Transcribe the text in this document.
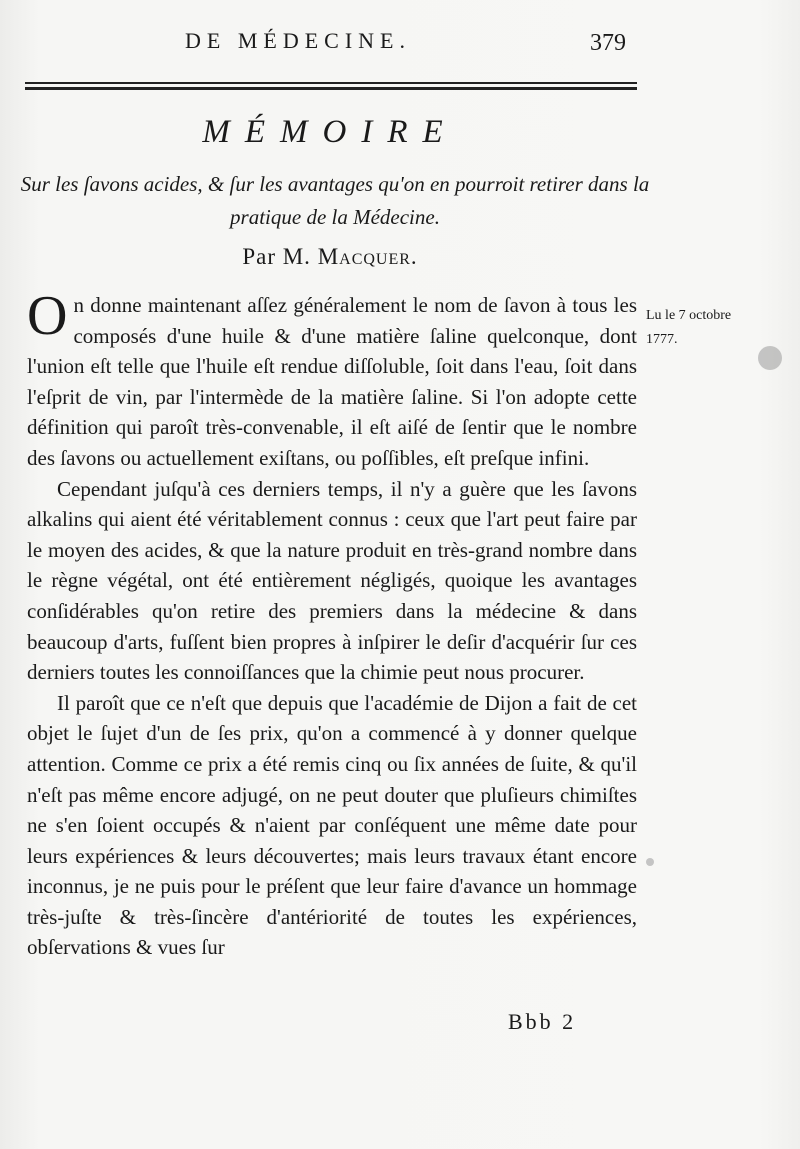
DE MÉDECINE.	379
MÉMOIRE
Sur les ſavons acides, & ſur les avantages qu'on en pourroit retirer dans la pratique de la Médecine.
Par M. Macquer.
Lu le 7 octobre
1777.

On donne maintenant aſſez généralement le nom de ſavon à tous les composés d'une huile & d'une matière ſaline quelconque, dont l'union eſt telle que l'huile eſt rendue diſſoluble, ſoit dans l'eau, ſoit dans l'eſprit de vin, par l'intermède de la matière ſaline. Si l'on adopte cette définition qui paroît très-convenable, il eſt aiſé de ſentir que le nombre des ſavons ou actuellement exiſtans, ou poſſibles, eſt preſque infini.

Cependant juſqu'à ces derniers temps, il n'y a guère que les ſavons alkalins qui aient été véritablement connus : ceux que l'art peut faire par le moyen des acides, & que la nature produit en très-grand nombre dans le règne végétal, ont été entièrement négligés, quoique les avantages conſidérables qu'on retire des premiers dans la médecine & dans beaucoup d'arts, fuſſent bien propres à inſpirer le deſir d'acquérir ſur ces derniers toutes les connoiſſances que la chimie peut nous procurer.

Il paroît que ce n'eſt que depuis que l'académie de Dijon a fait de cet objet le ſujet d'un de ſes prix, qu'on a commencé à y donner quelque attention. Comme ce prix a été remis cinq ou ſix années de ſuite, & qu'il n'eſt pas même encore adjugé, on ne peut douter que pluſieurs chimiſtes ne s'en ſoient occupés & n'aient par conſéquent une même date pour leurs expériences & leurs découvertes; mais leurs travaux étant encore inconnus, je ne puis pour le préſent que leur faire d'avance un hommage très-juſte & très-ſincère d'antériorité de toutes les expériences, obſervations & vues ſur

Bbb 2
